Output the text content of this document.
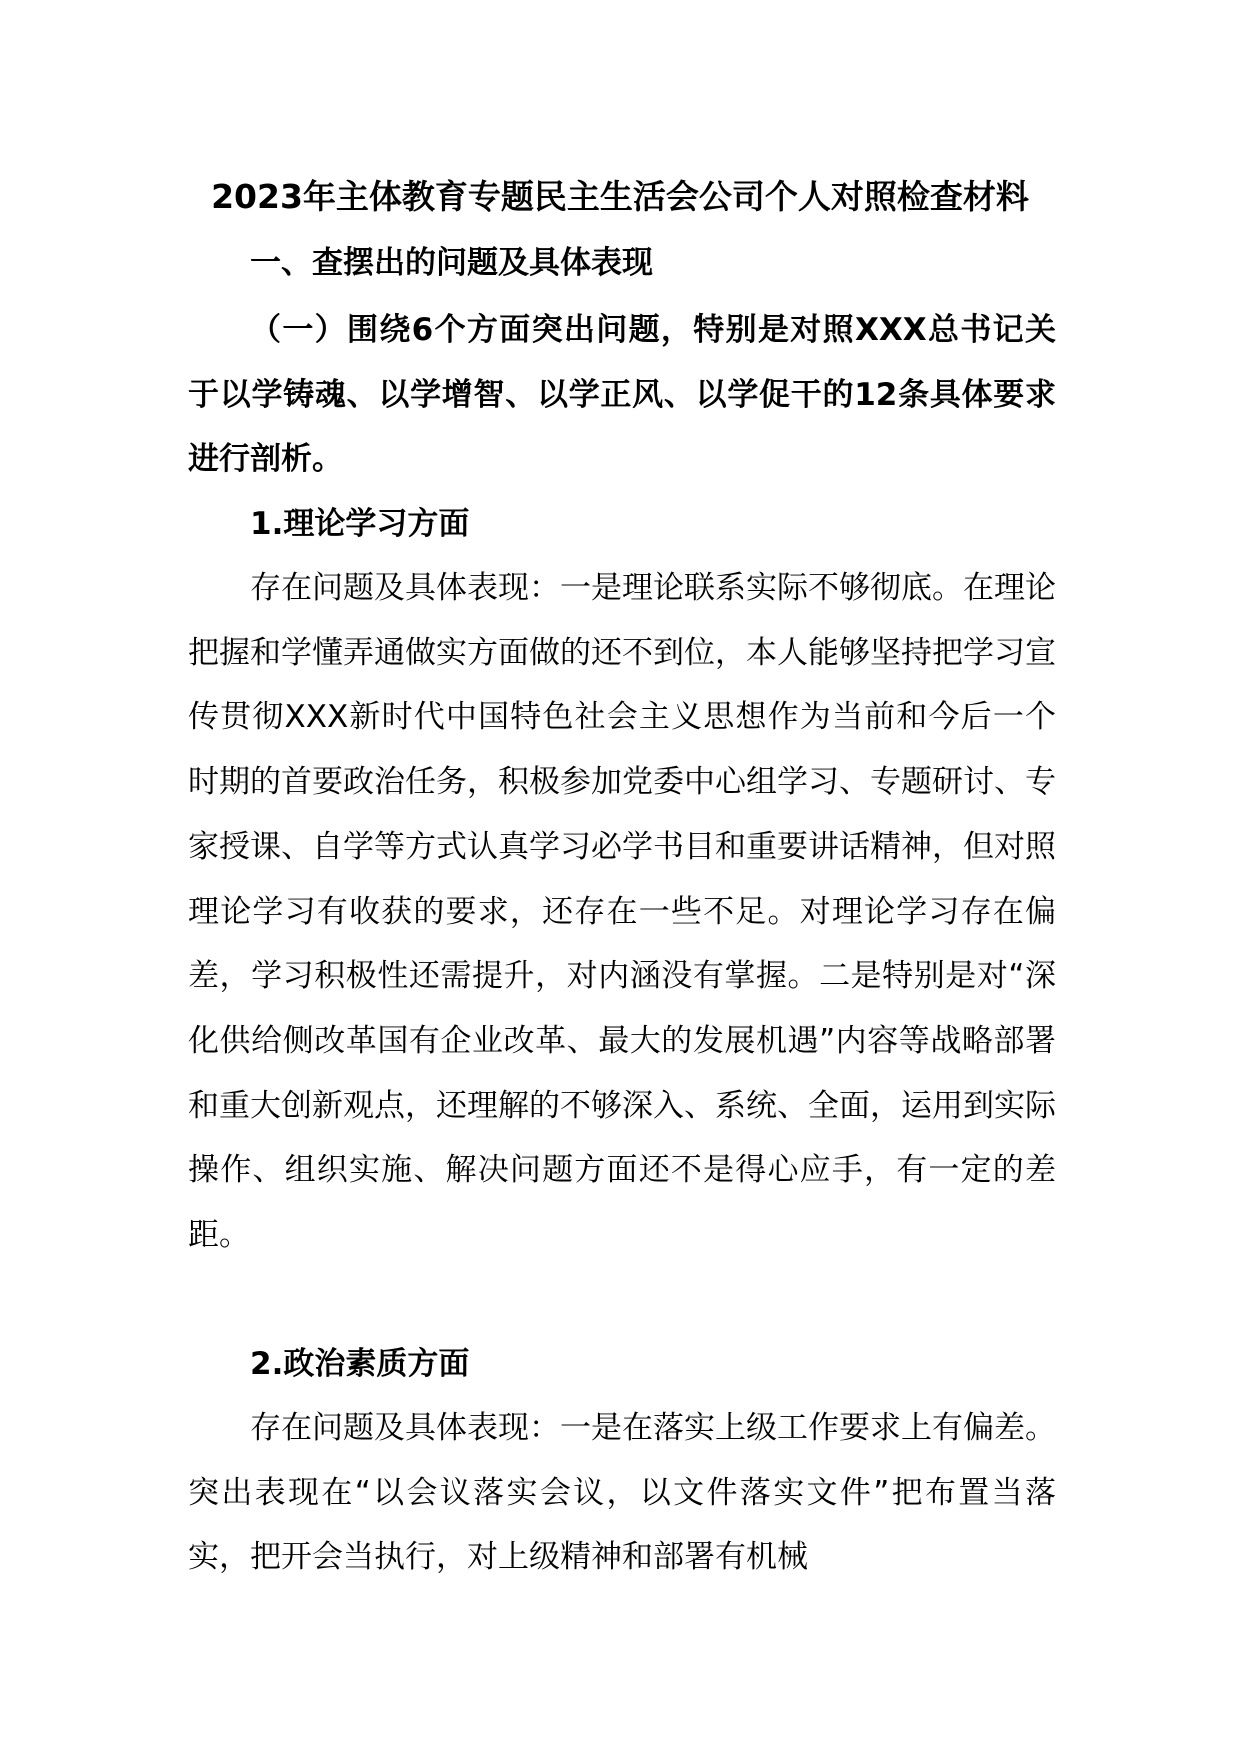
2023年主体教育专题民主生活会公司个人对照检查材料
一、查摆出的问题及具体表现
（一）围绕6个方面突出问题，特别是对照XXX总书记关于以学铸魂、以学增智、以学正风、以学促干的12条具体要求进行剖析。
1.理论学习方面
存在问题及具体表现：一是理论联系实际不够彻底。在理论把握和学懂弄通做实方面做的还不到位，本人能够坚持把学习宣传贯彻XXX新时代中国特色社会主义思想作为当前和今后一个时期的首要政治任务，积极参加党委中心组学习、专题研讨、专家授课、自学等方式认真学习必学书目和重要讲话精神，但对照理论学习有收获的要求，还存在一些不足。对理论学习存在偏差，学习积极性还需提升，对内涵没有掌握。二是特别是对“深化供给侧改革国有企业改革、最大的发展机遇”内容等战略部署和重大创新观点，还理解的不够深入、系统、全面，运用到实际操作、组织实施、解决问题方面还不是得心应手，有一定的差距。
2.政治素质方面
存在问题及具体表现：一是在落实上级工作要求上有偏差。突出表现在“以会议落实会议，以文件落实文件”把布置当落实，把开会当执行，对上级精神和部署有机械
